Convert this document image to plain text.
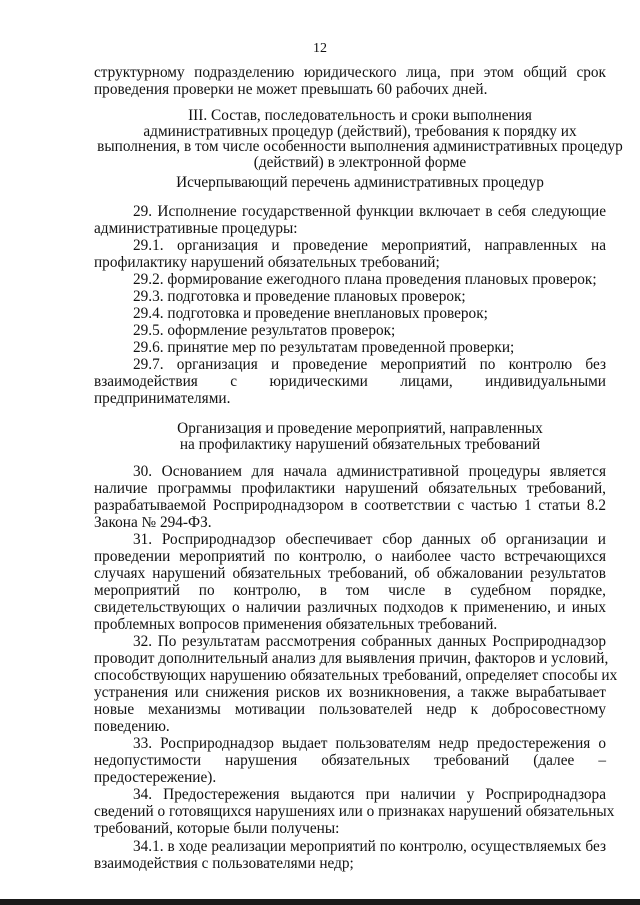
12
структурному подразделению юридического лица, при этом общий срок
проведения проверки не может превышать 60 рабочих дней.
III. Состав, последовательность и сроки выполнения
административных процедур (действий), требования к порядку их
выполнения, в том числе особенности выполнения административных процедур
(действий) в электронной форме
Исчерпывающий перечень административных процедур
29. Исполнение государственной функции включает в себя следующие
административные процедуры:
29.1. организация и проведение мероприятий, направленных на
профилактику нарушений обязательных требований;
29.2. формирование ежегодного плана проведения плановых проверок;
29.3. подготовка и проведение плановых проверок;
29.4. подготовка и проведение внеплановых проверок;
29.5. оформление результатов проверок;
29.6. принятие мер по результатам проведенной проверки;
29.7. организация и проведение мероприятий по контролю без
взаимодействия с юридическими лицами, индивидуальными
предпринимателями.
Организация и проведение мероприятий, направленных
на профилактику нарушений обязательных требований
30. Основанием для начала административной процедуры является
наличие программы профилактики нарушений обязательных требований,
разрабатываемой Росприроднадзором в соответствии с частью 1 статьи 8.2
Закона № 294-ФЗ.
31. Росприроднадзор обеспечивает сбор данных об организации и
проведении мероприятий по контролю, о наиболее часто встречающихся
случаях нарушений обязательных требований, об обжаловании результатов
мероприятий по контролю, в том числе в судебном порядке,
свидетельствующих о наличии различных подходов к применению, и иных
проблемных вопросов применения обязательных требований.
32. По результатам рассмотрения собранных данных Росприроднадзор
проводит дополнительный анализ для выявления причин, факторов и условий,
способствующих нарушению обязательных требований, определяет способы их
устранения или снижения рисков их возникновения, а также вырабатывает
новые механизмы мотивации пользователей недр к добросовестному
поведению.
33. Росприроднадзор выдает пользователям недр предостережения о
недопустимости нарушения обязательных требований (далее –
предостережение).
34. Предостережения выдаются при наличии у Росприроднадзора
сведений о готовящихся нарушениях или о признаках нарушений обязательных
требований, которые были получены:
34.1. в ходе реализации мероприятий по контролю, осуществляемых без
взаимодействия с пользователями недр;
